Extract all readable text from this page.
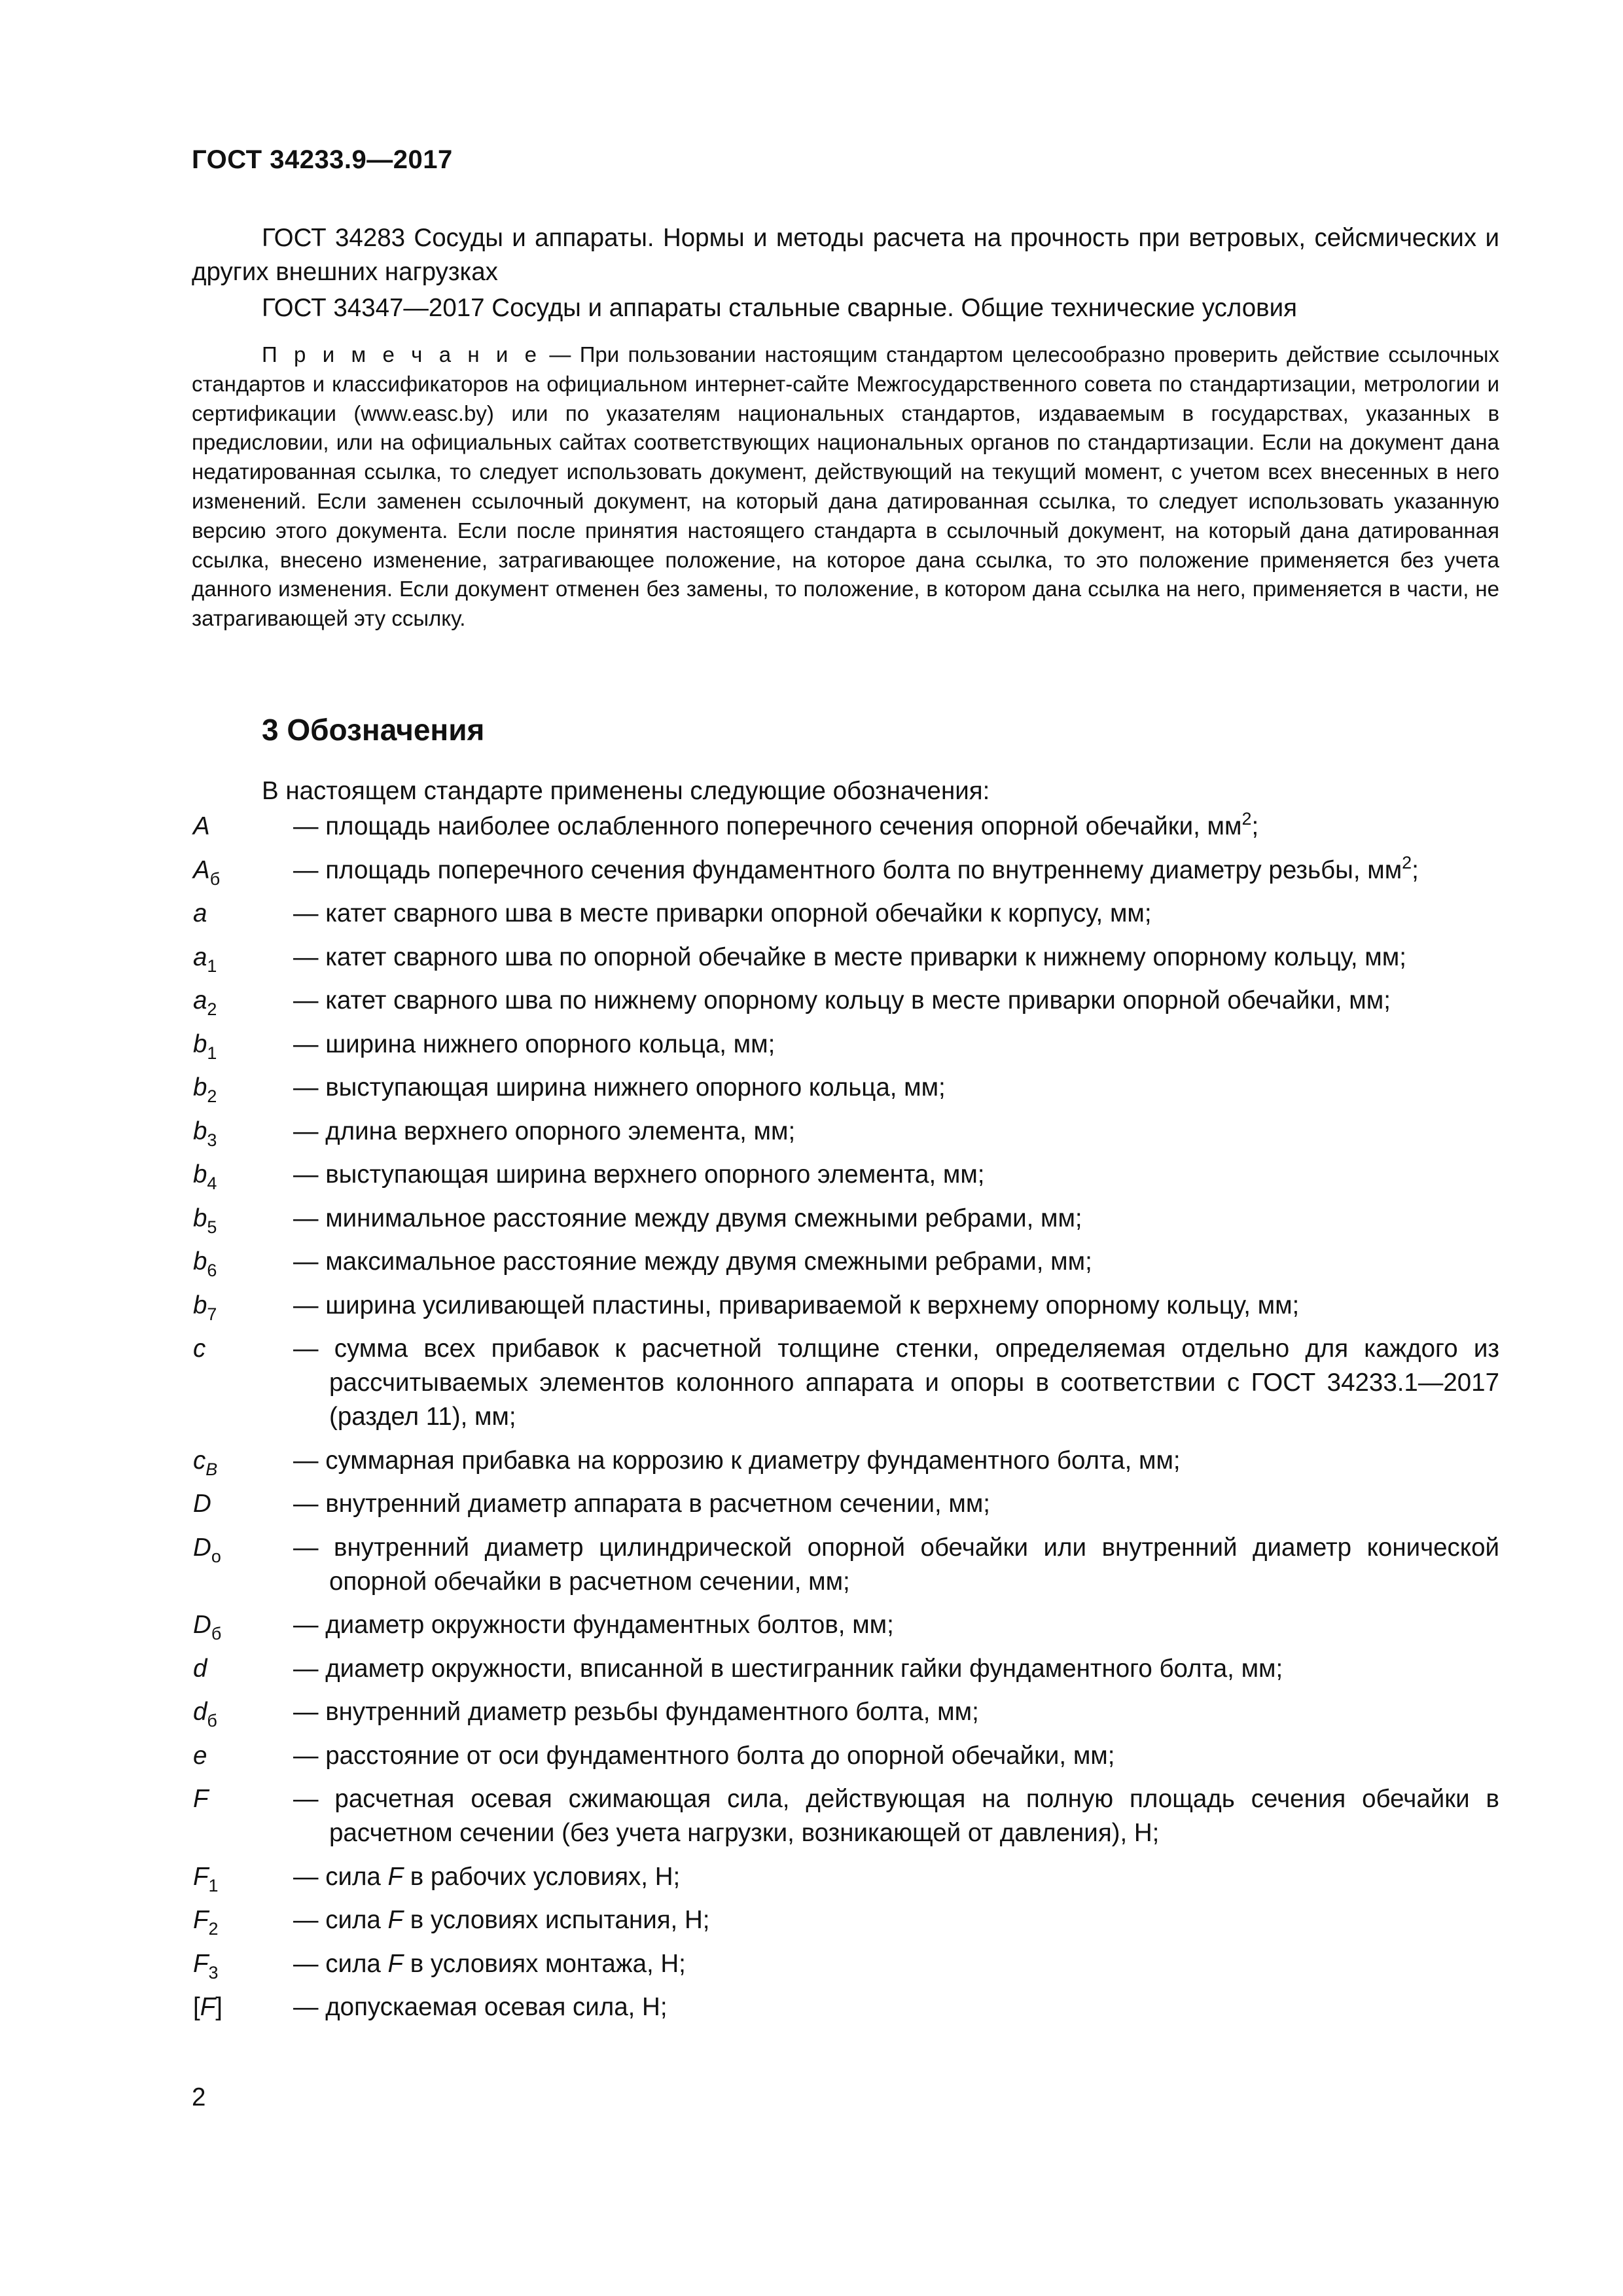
ГОСТ 34233.9—2017

ГОСТ 34283 Сосуды и аппараты. Нормы и методы расчета на прочность при ветровых, сейсмических и других внешних нагрузках

ГОСТ 34347—2017 Сосуды и аппараты стальные сварные. Общие технические условия

П р и м е ч а н и е — При пользовании настоящим стандартом целесообразно проверить действие ссылочных стандартов и классификаторов на официальном интернет-сайте Межгосударственного совета по стандартизации, метрологии и сертификации (www.easc.by) или по указателям национальных стандартов, издаваемым в государствах, указанных в предисловии, или на официальных сайтах соответствующих национальных органов по стандартизации. Если на документ дана недатированная ссылка, то следует использовать документ, действующий на текущий момент, с учетом всех внесенных в него изменений. Если заменен ссылочный документ, на который дана датированная ссылка, то следует использовать указанную версию этого документа. Если после принятия настоящего стандарта в ссылочный документ, на который дана датированная ссылка, внесено изменение, затрагивающее положение, на которое дана ссылка, то это положение применяется без учета данного изменения. Если документ отменен без замены, то положение, в котором дана ссылка на него, применяется в части, не затрагивающей эту ссылку.
3 Обозначения
В настоящем стандарте применены следующие обозначения:
A	— площадь наиболее ослабленного поперечного сечения опорной обечайки, $мм^2$;
$A_б$	— площадь поперечного сечения фундаментного болта по внутреннему диаметру резьбы, $мм^2$;
a	— катет сварного шва в месте приварки опорной обечайки к корпусу, мм;
$a_1$	— катет сварного шва по опорной обечайке в месте приварки к нижнему опорному кольцу, мм;
$a_2$	— катет сварного шва по нижнему опорному кольцу в месте приварки опорной обечайки, мм;
$b_1$	— ширина нижнего опорного кольца, мм;
$b_2$	— выступающая ширина нижнего опорного кольца, мм;
$b_3$	— длина верхнего опорного элемента, мм;
$b_4$	— выступающая ширина верхнего опорного элемента, мм;
$b_5$	— минимальное расстояние между двумя смежными ребрами, мм;
$b_6$	— максимальное расстояние между двумя смежными ребрами, мм;
$b_7$	— ширина усиливающей пластины, привариваемой к верхнему опорному кольцу, мм;
c	— сумма всех прибавок к расчетной толщине стенки, определяемая отдельно для каждого из рассчитываемых элементов колонного аппарата и опоры в соответствии с ГОСТ 34233.1—2017 (раздел 11), мм;
$c_B$	— суммарная прибавка на коррозию к диаметру фундаментного болта, мм;
D	— внутренний диаметр аппарата в расчетном сечении, мм;
$D_о$	— внутренний диаметр цилиндрической опорной обечайки или внутренний диаметр конической опорной обечайки в расчетном сечении, мм;
$D_б$	— диаметр окружности фундаментных болтов, мм;
d	— диаметр окружности, вписанной в шестигранник гайки фундаментного болта, мм;
$d_б$	— внутренний диаметр резьбы фундаментного болта, мм;
e	— расстояние от оси фундаментного болта до опорной обечайки, мм;
F	— расчетная осевая сжимающая сила, действующая на полную площадь сечения обечайки в расчетном сечении (без учета нагрузки, возникающей от давления), Н;
$F_1$	— сила F в рабочих условиях, Н;
$F_2$	— сила F в условиях испытания, Н;
$F_3$	— сила F в условиях монтажа, Н;
[F]	— допускаемая осевая сила, Н;
2
